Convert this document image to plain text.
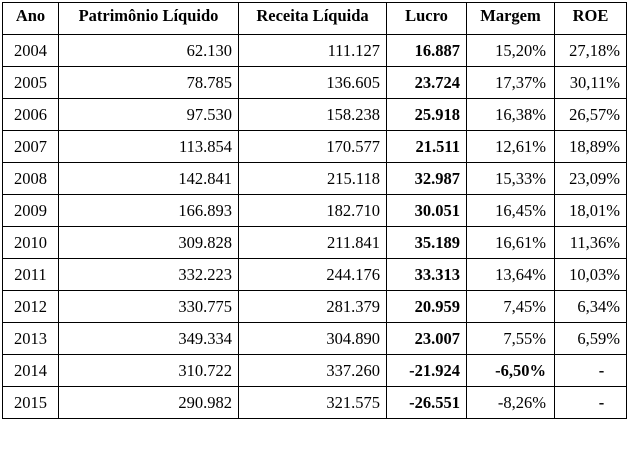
Ano	Patrimônio Líquido	Receita Líquida	Lucro	Margem	ROE
2004	62.130	111.127	16.887	15,20%	27,18%
2005	78.785	136.605	23.724	17,37%	30,11%
2006	97.530	158.238	25.918	16,38%	26,57%
2007	113.854	170.577	21.511	12,61%	18,89%
2008	142.841	215.118	32.987	15,33%	23,09%
2009	166.893	182.710	30.051	16,45%	18,01%
2010	309.828	211.841	35.189	16,61%	11,36%
2011	332.223	244.176	33.313	13,64%	10,03%
2012	330.775	281.379	20.959	7,45%	6,34%
2013	349.334	304.890	23.007	7,55%	6,59%
2014	310.722	337.260	-21.924	-6,50%	-
2015	290.982	321.575	-26.551	-8,26%	-
